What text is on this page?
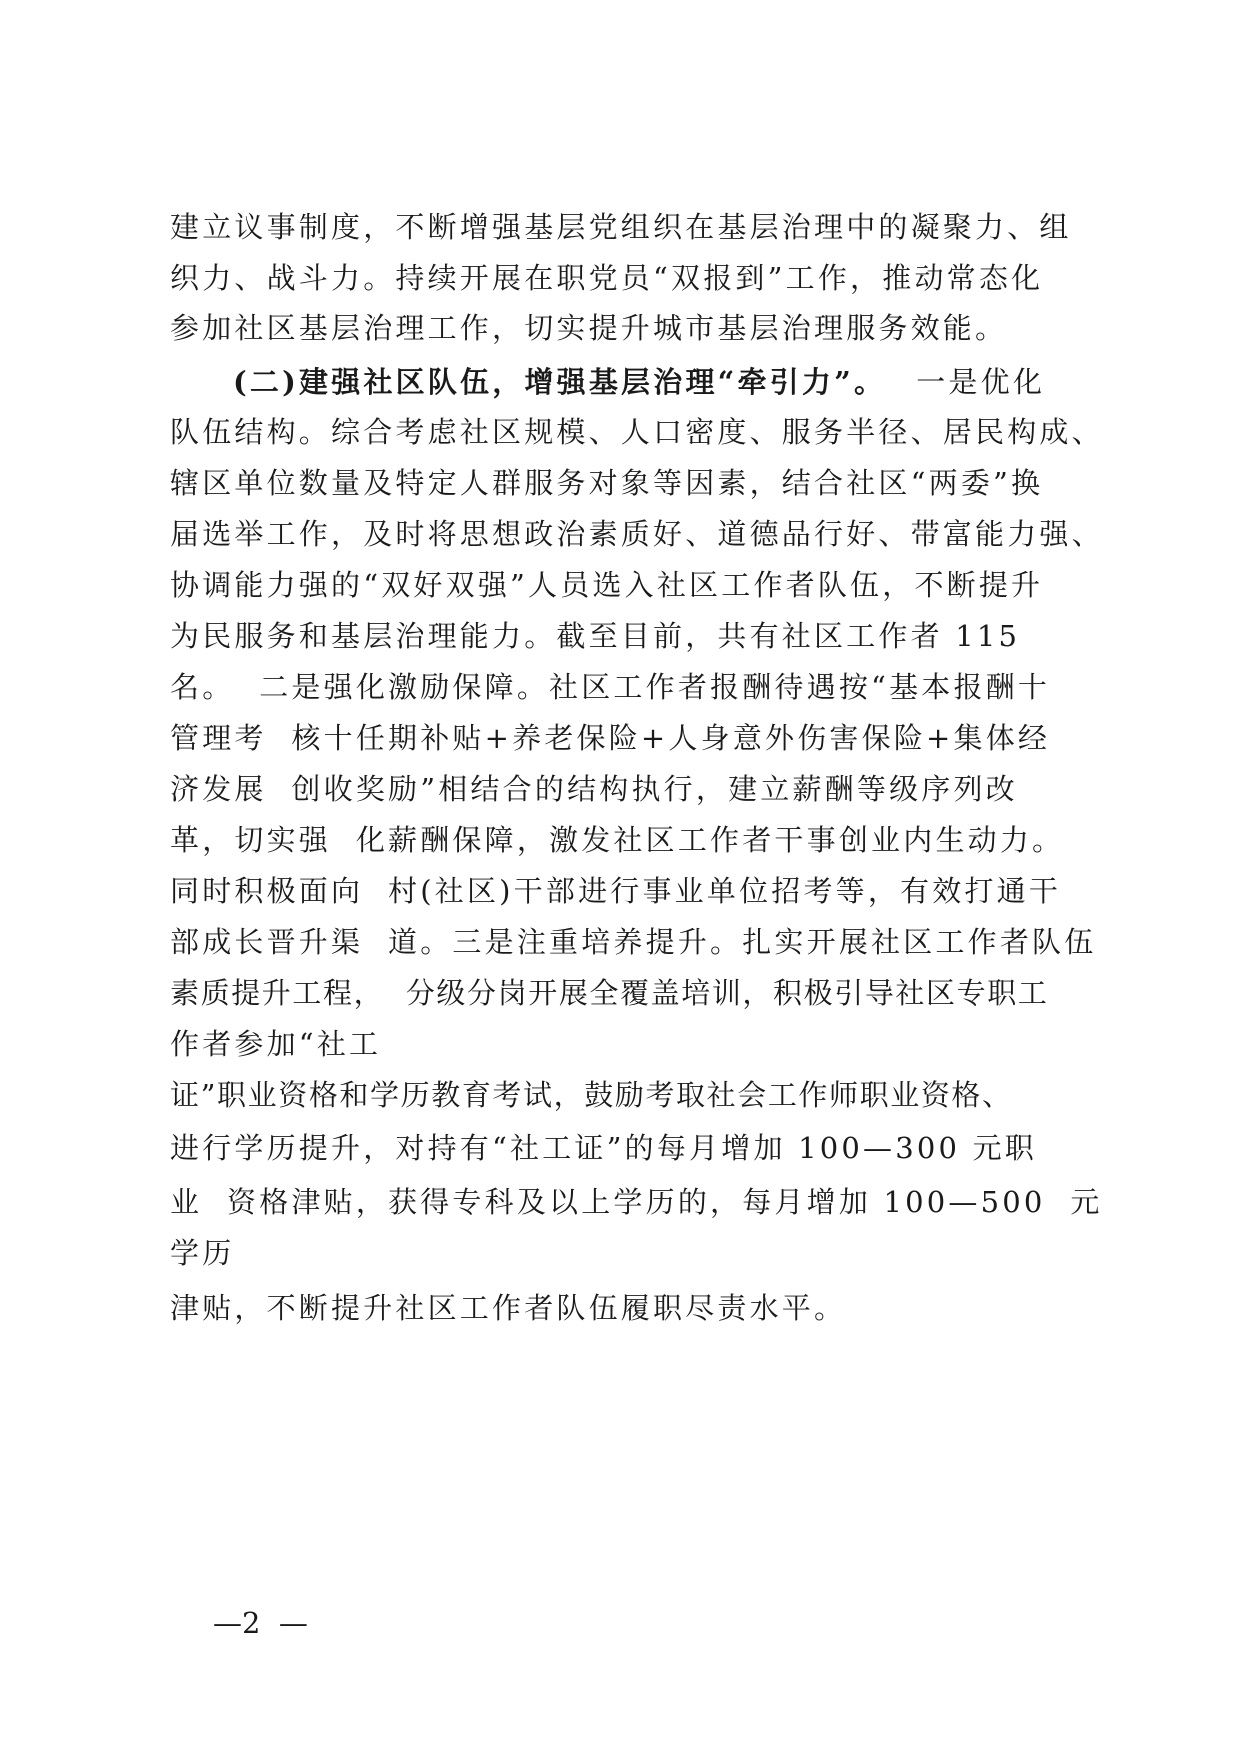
建立议事制度，不断增强基层党组织在基层治理中的凝聚力、组
织力、战斗力。持续开展在职党员“双报到”工作，推动常态化
参加社区基层治理工作，切实提升城市基层治理服务效能。
(二)建强社区队伍，增强基层治理“牵引力”。 一是优化
队伍结构。综合考虑社区规模、人口密度、服务半径、居民构成、
辖区单位数量及特定人群服务对象等因素，结合社区“两委”换
届选举工作，及时将思想政治素质好、道德品行好、带富能力强、
协调能力强的“双好双强”人员选入社区工作者队伍，不断提升
为民服务和基层治理能力。截至目前，共有社区工作者 115
名。  二是强化激励保障。社区工作者报酬待遇按“基本报酬十
管理考  核十任期补贴+养老保险+人身意外伤害保险+集体经
济发展  创收奖励”相结合的结构执行，建立薪酬等级序列改
革，切实强  化薪酬保障，激发社区工作者干事创业内生动力。
同时积极面向  村(社区)干部进行事业单位招考等，有效打通干
部成长晋升渠  道。三是注重培养提升。扎实开展社区工作者队伍
素质提升工程，  分级分岗开展全覆盖培训，积极引导社区专职工
作者参加“社工
证”职业资格和学历教育考试，鼓励考取社会工作师职业资格、
进行学历提升，对持有“社工证”的每月增加 100—300 元职
业  资格津贴，获得专科及以上学历的，每月增加 100—500  元
学历
津贴，不断提升社区工作者队伍履职尽责水平。
—2  —
